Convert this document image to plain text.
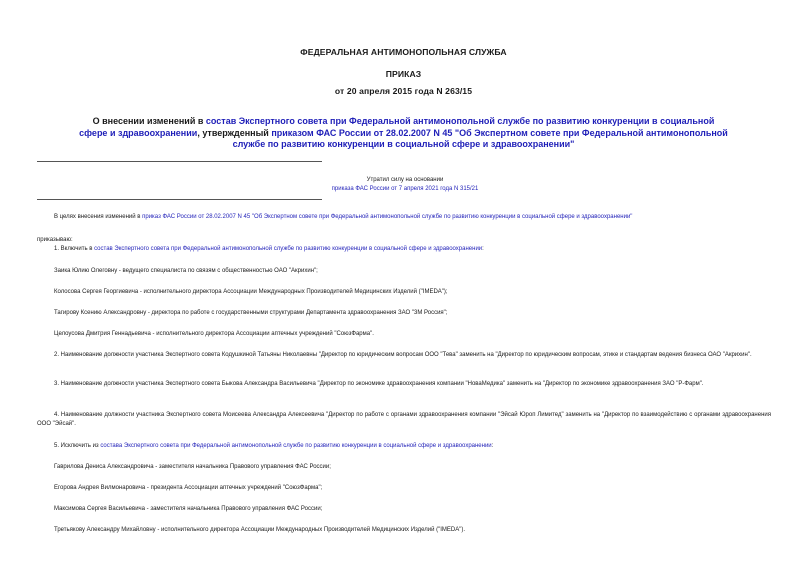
ФЕДЕРАЛЬНАЯ АНТИМОНОПОЛЬНАЯ СЛУЖБА
ПРИКАЗ
от 20 апреля 2015 года N 263/15
О внесении изменений в состав Экспертного совета при Федеральной антимонопольной службе по развитию конкуренции в социальной сфере и здравоохранении, утвержденный приказом ФАС России от 28.02.2007 N 45 "Об Экспертном совете при Федеральной антимонопольной службе по развитию конкуренции в социальной сфере и здравоохранении"
Утратил силу на основании
приказа ФАС России от 7 апреля 2021 года N 315/21
В целях внесения изменений в приказ ФАС России от 28.02.2007 N 45 "Об Экспертном совете при Федеральной антимонопольной службе по развитию конкуренции в социальной сфере и здравоохранении"
приказываю:
1. Включить в состав Экспертного совета при Федеральной антимонопольной службе по развитию конкуренции в социальной сфере и здравоохранении:
Заика Юлию Олеговну - ведущего специалиста по связям с общественностью ОАО "Акрихин";
Колосова Сергея Георгиевича - исполнительного директора Ассоциации Международных Производителей Медицинских Изделий ("IMEDA");
Тагирову Ксению Александровну - директора по работе с государственными структурами Департамента здравоохранения ЗАО "3М Россия";
Целоусова Дмитрия Геннадьевича - исполнительного директора Ассоциации аптечных учреждений "СоюзФарма".
2. Наименование должности участника Экспертного совета Кодушкиной Татьяны Николаевны "Директор по юридическим вопросам ООО "Тева" заменить на "Директор по юридическим вопросам, этике и стандартам ведения бизнеса ОАО "Акрихин".
3. Наименование должности участника Экспертного совета Быкова Александра Васильевича "Директор по экономике здравоохранения компании "НоваМедика" заменить на "Директор по экономике здравоохранения ЗАО "Р-Фарм".
4. Наименование должности участника Экспертного совета Моисеева Александра Алексеевича "Директор по работе с органами здравоохранения компании "Эйсай Юроп Лимитед" заменить на "Директор по взаимодействию с органами здравоохранения ООО "Эйсай".
5. Исключить из состава Экспертного совета при Федеральной антимонопольной службе по развитию конкуренции в социальной сфере и здравоохранении:
Гаврилова Дениса Александровича - заместителя начальника Правового управления ФАС России;
Егорова Андрея Вилмонаровича - президента Ассоциации аптечных учреждений "СоюзФарма";
Максимова Сергея Васильевича - заместителя начальника Правового управления ФАС России;
Третьякову Александру Михайловну - исполнительного директора Ассоциации Международных Производителей Медицинских Изделий ("IMEDA").
